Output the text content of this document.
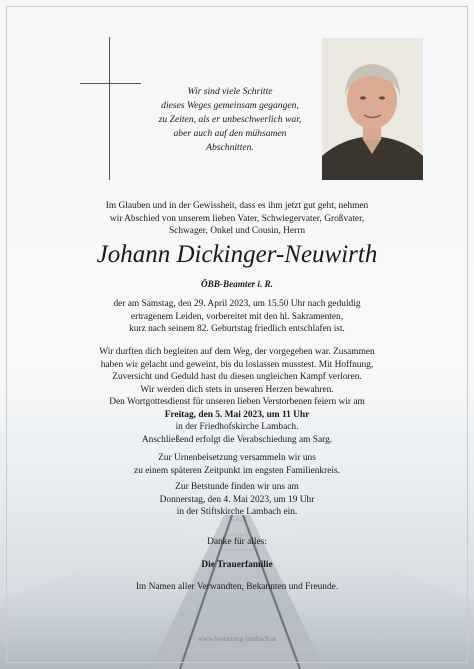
Wir sind viele Schritte
dieses Weges gemeinsam gegangen,
zu Zeiten, als er unbeschwerlich war,
aber auch auf den mühsamen
Abschnitten.
Im Glauben und in der Gewissheit, dass es ihm jetzt gut geht, nehmen
wir Abschied von unserem lieben Vater, Schwiegervater, Großvater,
Schwager, Onkel und Cousin, Herrn
Johann Dickinger-Neuwirth
ÖBB-Beamter i. R.
der am Samstag, den 29. April 2023, um 15.50 Uhr nach geduldig
ertragenem Leiden, vorbereitet mit den hl. Sakramenten,
kurz nach seinem 82. Geburtstag friedlich entschlafen ist.
Wir durften dich begleiten auf dem Weg, der vorgegeben war. Zusammen
haben wir gelacht und geweint, bis du loslassen musstest. Mit Hoffnung,
Zuversicht und Geduld hast du diesen ungleichen Kampf verloren.
Wir werden dich stets in unseren Herzen bewahren.
Den Wortgottesdienst für unseren lieben Verstorbenen feiern wir am
Freitag, den 5. Mai 2023, um 11 Uhr
in der Friedhofskirche Lambach.
Anschließend erfolgt die Verabschiedung am Sarg.
Zur Urnenbeisetzung versammeln wir uns
zu einem späteren Zeitpunkt im engsten Familienkreis.
Zur Betstunde finden wir uns am
Donnerstag, den 4. Mai 2023, um 19 Uhr
in der Stiftskirche Lambach ein.
Danke für alles:
Die Trauerfamilie
Im Namen aller Verwandten, Bekannten und Freunde.
www.bestattung-lambach.at
